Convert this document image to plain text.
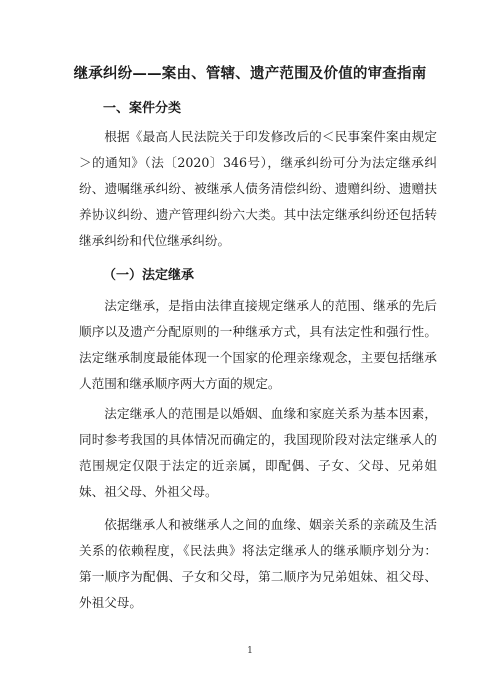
继承纠纷——案由、管辖、遗产范围及价值的审查指南
一、案件分类

根据《最高人民法院关于印发修改后的＜民事案件案由规定＞的通知》（法〔2020〕346号），继承纠纷可分为法定继承纠纷、遗嘱继承纠纷、被继承人债务清偿纠纷、遗赠纠纷、遗赠扶养协议纠纷、遗产管理纠纷六大类。其中法定继承纠纷还包括转继承纠纷和代位继承纠纷。

（一）法定继承

法定继承，是指由法律直接规定继承人的范围、继承的先后顺序以及遗产分配原则的一种继承方式，具有法定性和强行性。法定继承制度最能体现一个国家的伦理亲缘观念，主要包括继承人范围和继承顺序两大方面的规定。

法定继承人的范围是以婚姻、血缘和家庭关系为基本因素，同时参考我国的具体情况而确定的，我国现阶段对法定继承人的范围规定仅限于法定的近亲属，即配偶、子女、父母、兄弟姐妹、祖父母、外祖父母。

依据继承人和被继承人之间的血缘、姻亲关系的亲疏及生活关系的依赖程度，《民法典》将法定继承人的继承顺序划分为：第一顺序为配偶、子女和父母，第二顺序为兄弟姐妹、祖父母、外祖父母。

1
